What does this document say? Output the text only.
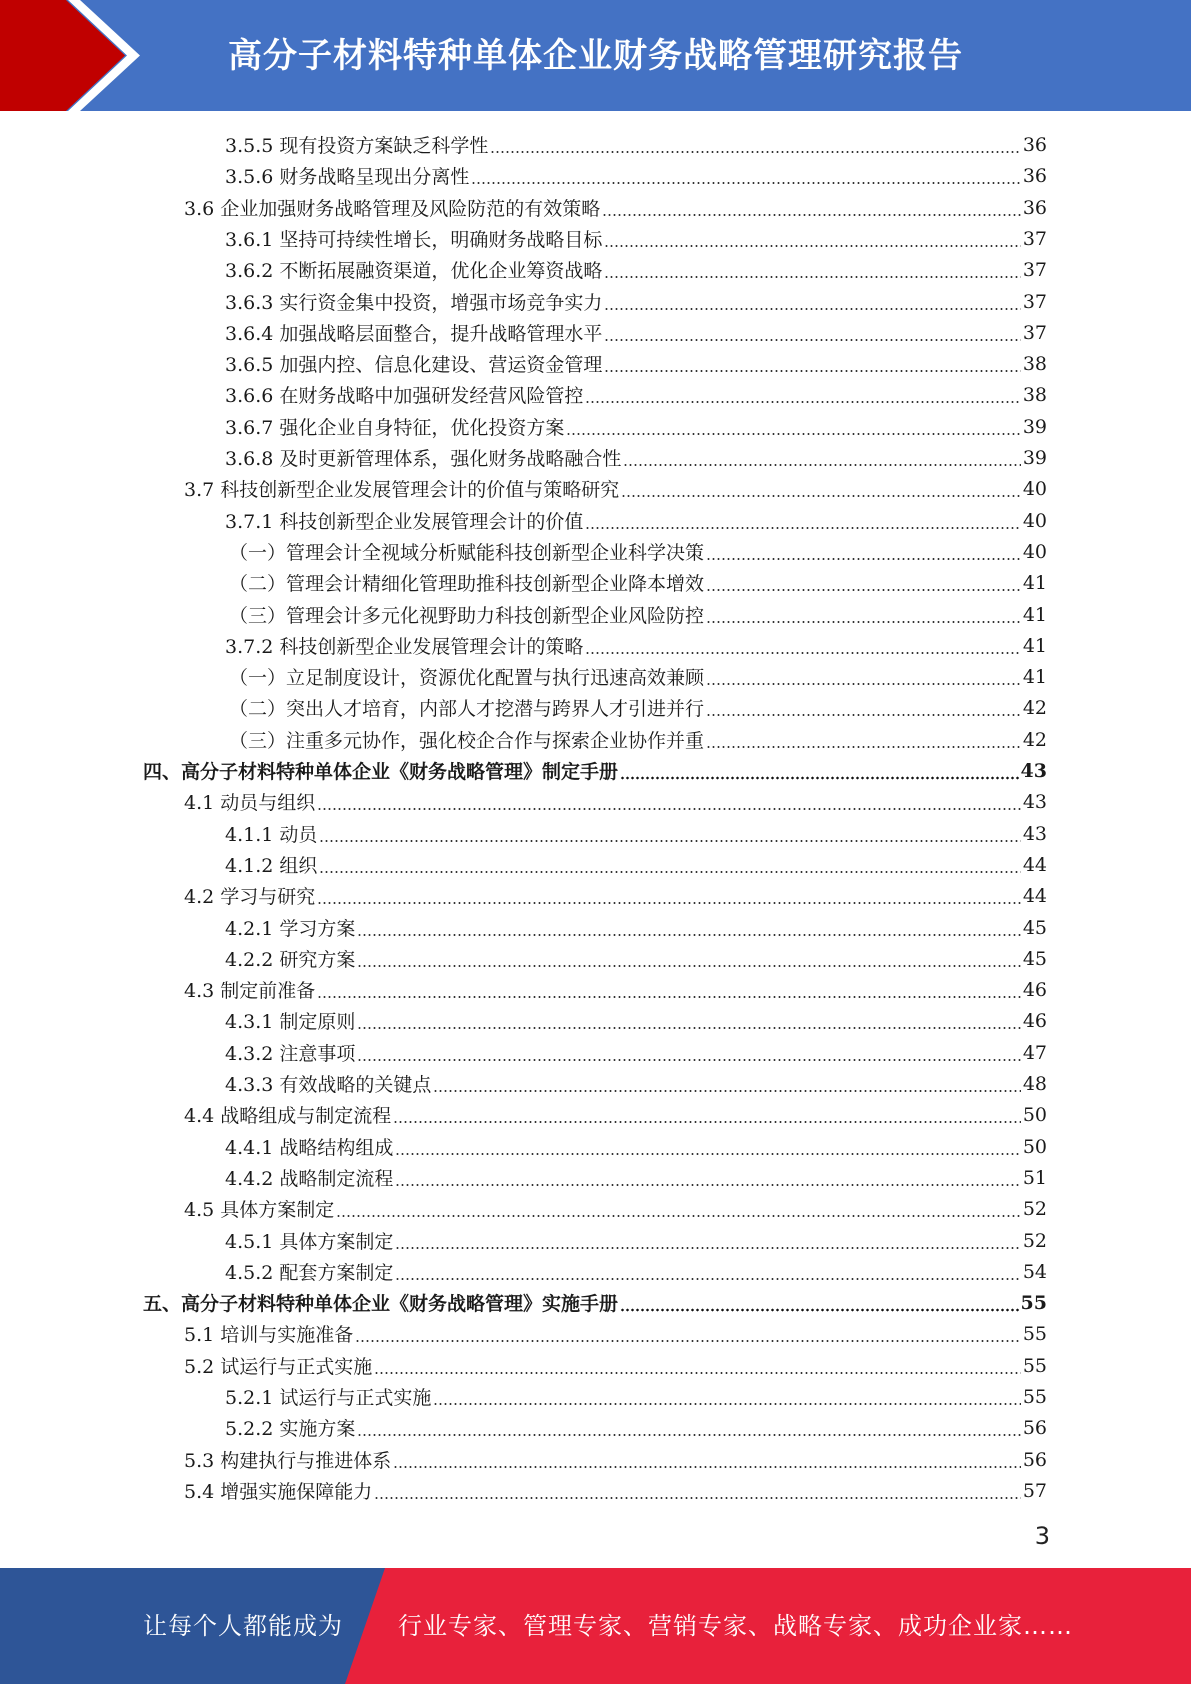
高分子材料特种单体企业财务战略管理研究报告
3.5.5 现有投资方案缺乏科学性	36
3.5.6 财务战略呈现出分离性	36
3.6 企业加强财务战略管理及风险防范的有效策略	36
3.6.1 坚持可持续性增长，明确财务战略目标	37
3.6.2 不断拓展融资渠道，优化企业筹资战略	37
3.6.3 实行资金集中投资，增强市场竞争实力	37
3.6.4 加强战略层面整合，提升战略管理水平	37
3.6.5 加强内控、信息化建设、营运资金管理	38
3.6.6 在财务战略中加强研发经营风险管控	38
3.6.7 强化企业自身特征，优化投资方案	39
3.6.8 及时更新管理体系，强化财务战略融合性	39
3.7 科技创新型企业发展管理会计的价值与策略研究	40
3.7.1 科技创新型企业发展管理会计的价值	40
（一）管理会计全视域分析赋能科技创新型企业科学决策	40
（二）管理会计精细化管理助推科技创新型企业降本增效	41
（三）管理会计多元化视野助力科技创新型企业风险防控	41
3.7.2 科技创新型企业发展管理会计的策略	41
（一）立足制度设计，资源优化配置与执行迅速高效兼顾	41
（二）突出人才培育，内部人才挖潜与跨界人才引进并行	42
（三）注重多元协作，强化校企合作与探索企业协作并重	42
四、高分子材料特种单体企业《财务战略管理》制定手册	43
4.1 动员与组织	43
4.1.1 动员	43
4.1.2 组织	44
4.2 学习与研究	44
4.2.1 学习方案	45
4.2.2 研究方案	45
4.3 制定前准备	46
4.3.1 制定原则	46
4.3.2 注意事项	47
4.3.3 有效战略的关键点	48
4.4 战略组成与制定流程	50
4.4.1 战略结构组成	50
4.4.2 战略制定流程	51
4.5 具体方案制定	52
4.5.1 具体方案制定	52
4.5.2 配套方案制定	54
五、高分子材料特种单体企业《财务战略管理》实施手册	55
5.1 培训与实施准备	55
5.2 试运行与正式实施	55
5.2.1 试运行与正式实施	55
5.2.2 实施方案	56
5.3 构建执行与推进体系	56
5.4 增强实施保障能力	57
3
让每个人都能成为 行业专家、管理专家、营销专家、战略专家、成功企业家……
